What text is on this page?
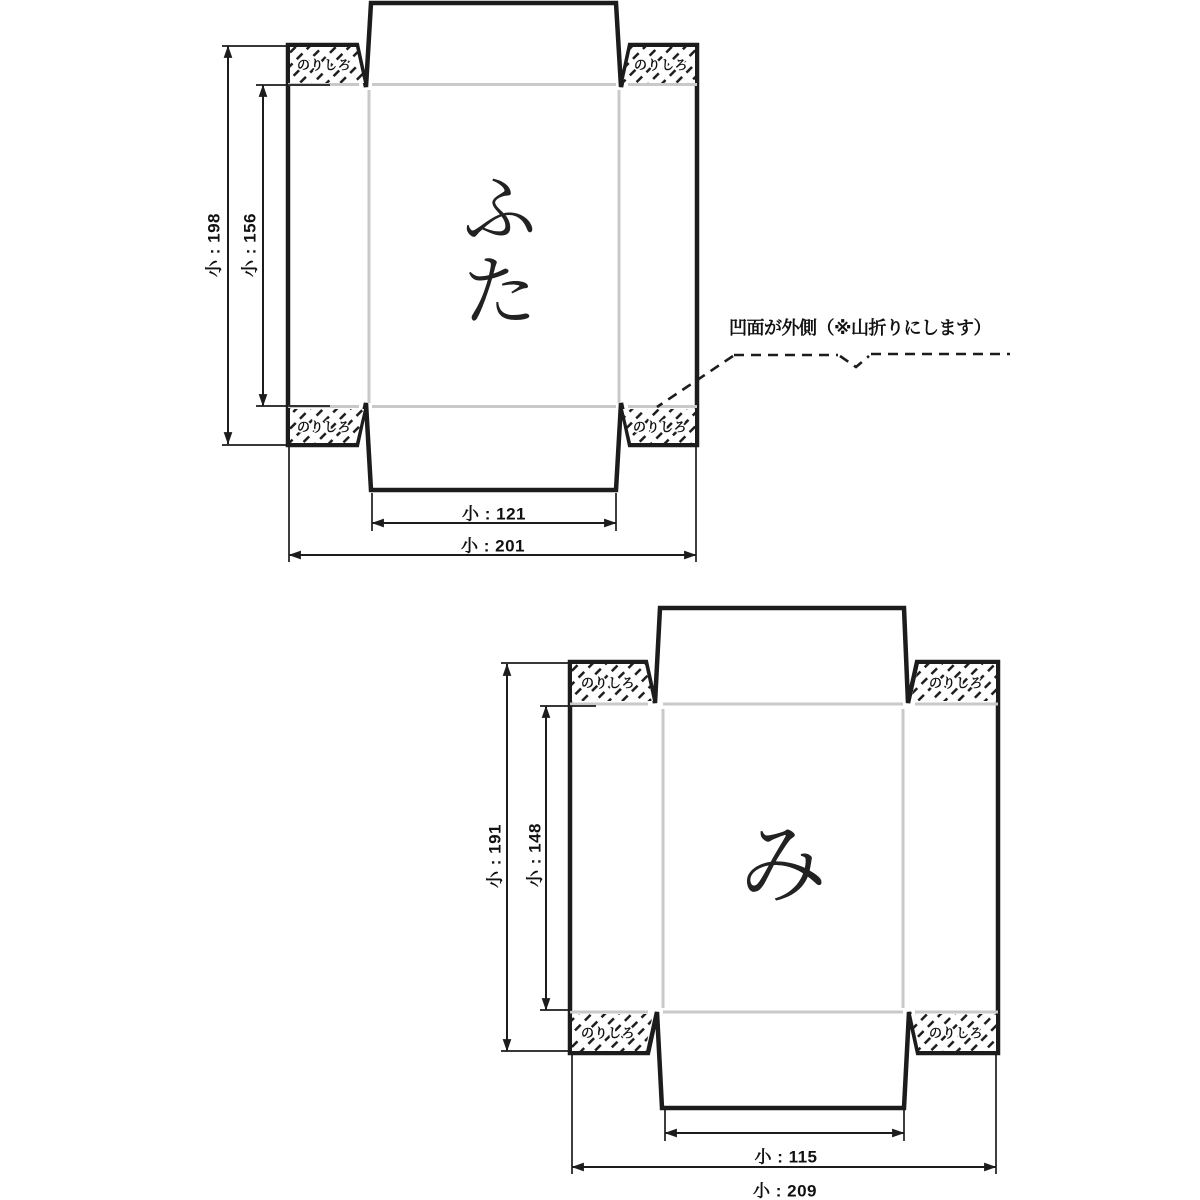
ふた
み
のりしろ	のりしろ
のりしろ	のりしろ
のりしろ	のりしろ
のりしろ	のりしろ
小 : 198 小 : 156
小 : 121
小 : 201
小 : 191 小 : 148
小 : 115
小 : 209
凹面が外側（※山折りにします）
